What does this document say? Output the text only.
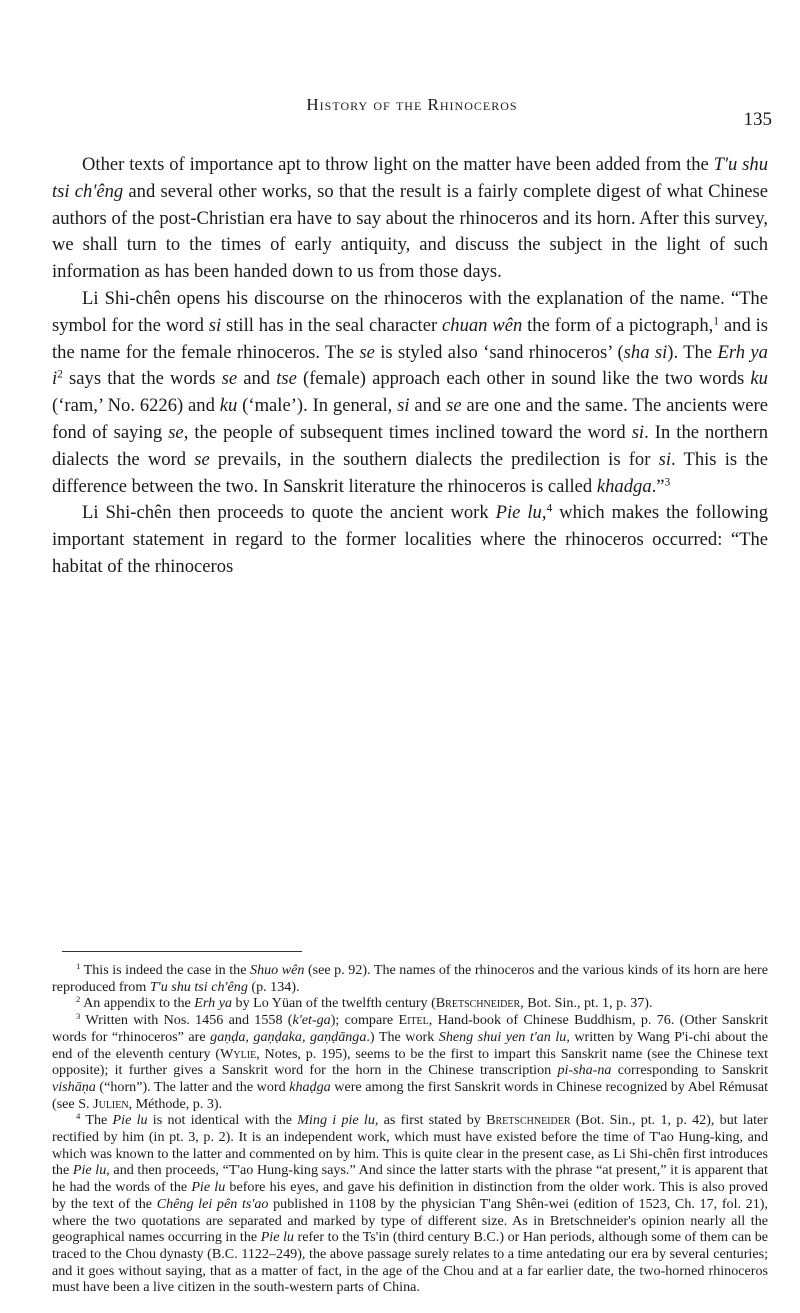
History of the Rhinoceros
135

Other texts of importance apt to throw light on the matter have been added from the T'u shu tsi ch'êng and several other works, so that the result is a fairly complete digest of what Chinese authors of the post-Christian era have to say about the rhinoceros and its horn. After this survey, we shall turn to the times of early antiquity, and discuss the subject in the light of such information as has been handed down to us from those days.

Li Shi-chên opens his discourse on the rhinoceros with the explanation of the name. “The symbol for the word si still has in the seal character chuan wên the form of a pictograph,$^1$ and is the name for the female rhinoceros. The se is styled also ‘sand rhinoceros’ (sha si). The Erh ya $i^2$ says that the words se and tse (female) approach each other in sound like the two words ku (‘ram,’ No. 6226) and ku (‘male’). In general, si and se are one and the same. The ancients were fond of saying se, the people of subsequent times inclined toward the word si. In the northern dialects the word se prevails, in the southern dialects the predilection is for si. This is the difference between the two. In Sanskrit literature the rhinoceros is called khadga.”$^3$

Li Shi-chên then proceeds to quote the ancient work Pie lu,$^4$ which makes the following important statement in regard to the former localities where the rhinoceros occurred: “The habitat of the rhinoceros

$^1$ This is indeed the case in the Shuo wên (see p. 92). The names of the rhinoceros and the various kinds of its horn are here reproduced from T'u shu tsi ch'êng (p. 134).

$^2$ An appendix to the Erh ya by Lo Yüan of the twelfth century (Bretschneider, Bot. Sin., pt. 1, p. 37).

$^3$ Written with Nos. 1456 and 1558 (k'et-ga); compare Eitel, Hand-book of Chinese Buddhism, p. 76. (Other Sanskrit words for “rhinoceros” are gaṇḍa, gaṇḍaka, gaṇḍānga.) The work Sheng shui yen t'an lu, written by Wang P'i-chi about the end of the eleventh century (Wylie, Notes, p. 195), seems to be the first to impart this Sanskrit name (see the Chinese text opposite); it further gives a Sanskrit word for the horn in the Chinese transcription pi-sha-na corresponding to Sanskrit vishāṇa (“horn”). The latter and the word khaḍga were among the first Sanskrit words in Chinese recognized by Abel Rémusat (see S. Julien, Méthode, p. 3).

$^4$ The Pie lu is not identical with the Ming i pie lu, as first stated by Bretschneider (Bot. Sin., pt. 1, p. 42), but later rectified by him (in pt. 3, p. 2). It is an independent work, which must have existed before the time of T'ao Hung-king, and which was known to the latter and commented on by him. This is quite clear in the present case, as Li Shi-chên first introduces the Pie lu, and then proceeds, “T'ao Hung-king says.” And since the latter starts with the phrase “at present,” it is apparent that he had the words of the Pie lu before his eyes, and gave his definition in distinction from the older work. This is also proved by the text of the Chêng lei pên ts'ao published in 1108 by the physician T'ang Shên-wei (edition of 1523, Ch. 17, fol. 21), where the two quotations are separated and marked by type of different size. As in Bretschneider's opinion nearly all the geographical names occurring in the Pie lu refer to the Ts'in (third century B.C.) or Han periods, although some of them can be traced to the Chou dynasty (B.C. 1122–249), the above passage surely relates to a time antedating our era by several centuries; and it goes without saying, that as a matter of fact, in the age of the Chou and at a far earlier date, the two-horned rhinoceros must have been a live citizen in the south-western parts of China.
